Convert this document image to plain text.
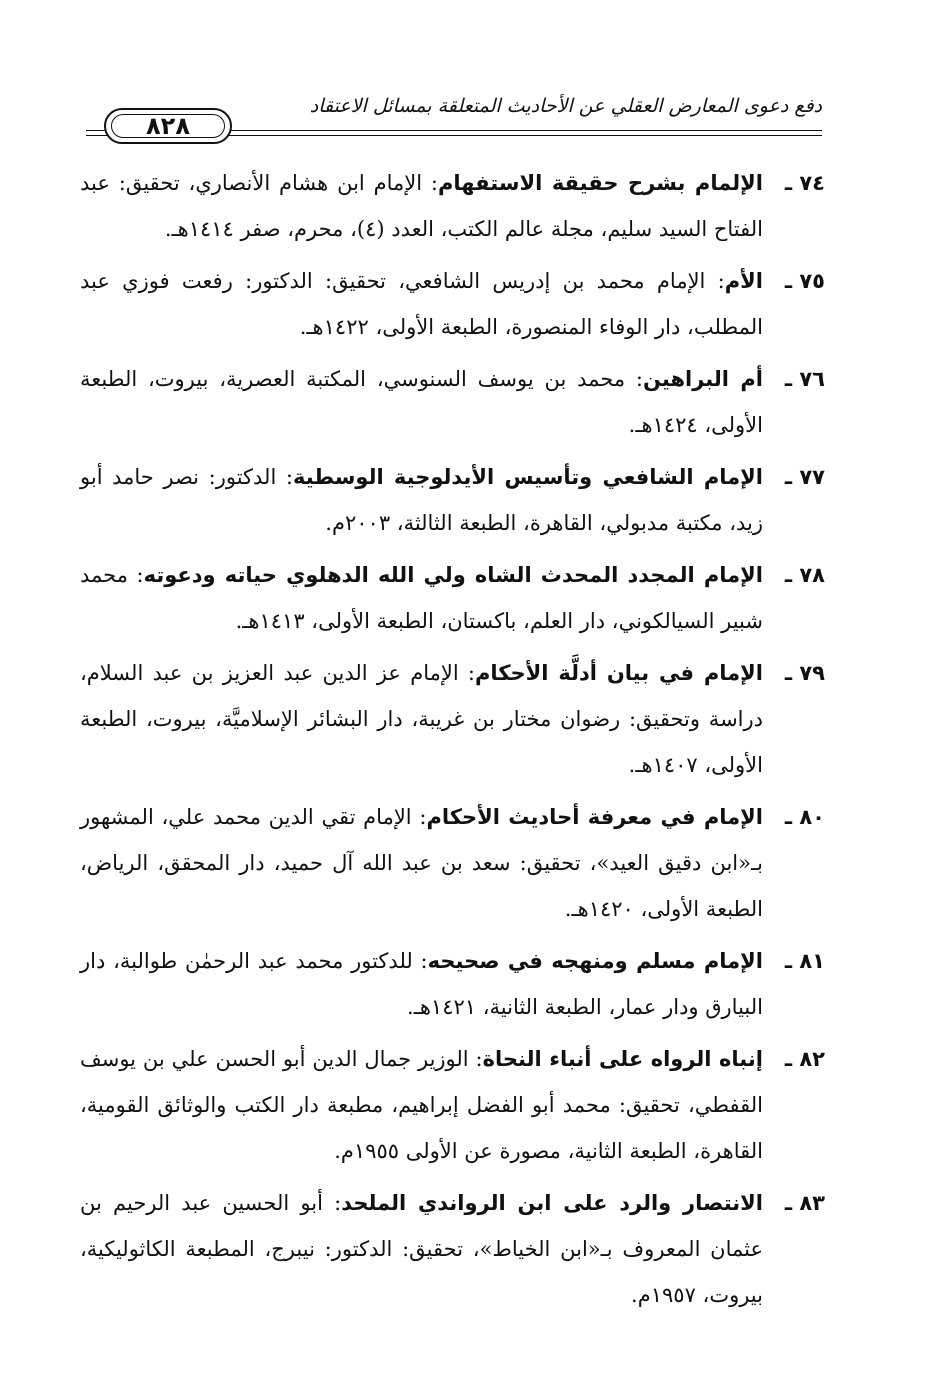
دفع دعوى المعارض العقلي عن الأحاديث المتعلقة بمسائل الاعتقاد
٨٢٨
٧٤ ـ
الإلمام بشرح حقيقة الاستفهام: الإمام ابن هشام الأنصاري، تحقيق: عبد الفتاح السيد سليم، مجلة عالم الكتب، العدد (٤)، محرم، صفر ١٤١٤هـ.
٧٥ ـ
الأم: الإمام محمد بن إدريس الشافعي، تحقيق: الدكتور: رفعت فوزي عبد المطلب، دار الوفاء المنصورة، الطبعة الأولى، ١٤٢٢هـ.
٧٦ ـ
أم البراهين: محمد بن يوسف السنوسي، المكتبة العصرية، بيروت، الطبعة الأولى، ١٤٢٤هـ.
٧٧ ـ
الإمام الشافعي وتأسيس الأيدلوجية الوسطية: الدكتور: نصر حامد أبو زيد، مكتبة مدبولي، القاهرة، الطبعة الثالثة، ٢٠٠٣م.
٧٨ ـ
الإمام المجدد المحدث الشاه ولي الله الدهلوي حياته ودعوته: محمد شبير السيالكوني، دار العلم، باكستان، الطبعة الأولى، ١٤١٣هـ.
٧٩ ـ
الإمام في بيان أدلَّة الأحكام: الإمام عز الدين عبد العزيز بن عبد السلام، دراسة وتحقيق: رضوان مختار بن غريبة، دار البشائر الإسلاميَّة، بيروت، الطبعة الأولى، ١٤٠٧هـ.
٨٠ ـ
الإمام في معرفة أحاديث الأحكام: الإمام تقي الدين محمد علي، المشهور بـ«ابن دقيق العيد»، تحقيق: سعد بن عبد الله آل حميد، دار المحقق، الرياض، الطبعة الأولى، ١٤٢٠هـ.
٨١ ـ
الإمام مسلم ومنهجه في صحيحه: للدكتور محمد عبد الرحمٰن طوالبة، دار البيارق ودار عمار، الطبعة الثانية، ١٤٢١هـ.
٨٢ ـ
إنباه الرواه على أنباء النحاة: الوزير جمال الدين أبو الحسن علي بن يوسف القفطي، تحقيق: محمد أبو الفضل إبراهيم، مطبعة دار الكتب والوثائق القومية، القاهرة، الطبعة الثانية، مصورة عن الأولى ١٩٥٥م.
٨٣ ـ
الانتصار والرد على ابن الرواندي الملحد: أبو الحسين عبد الرحيم بن عثمان المعروف بـ«ابن الخياط»، تحقيق: الدكتور: نيبرج، المطبعة الكاثوليكية، بيروت، ١٩٥٧م.
